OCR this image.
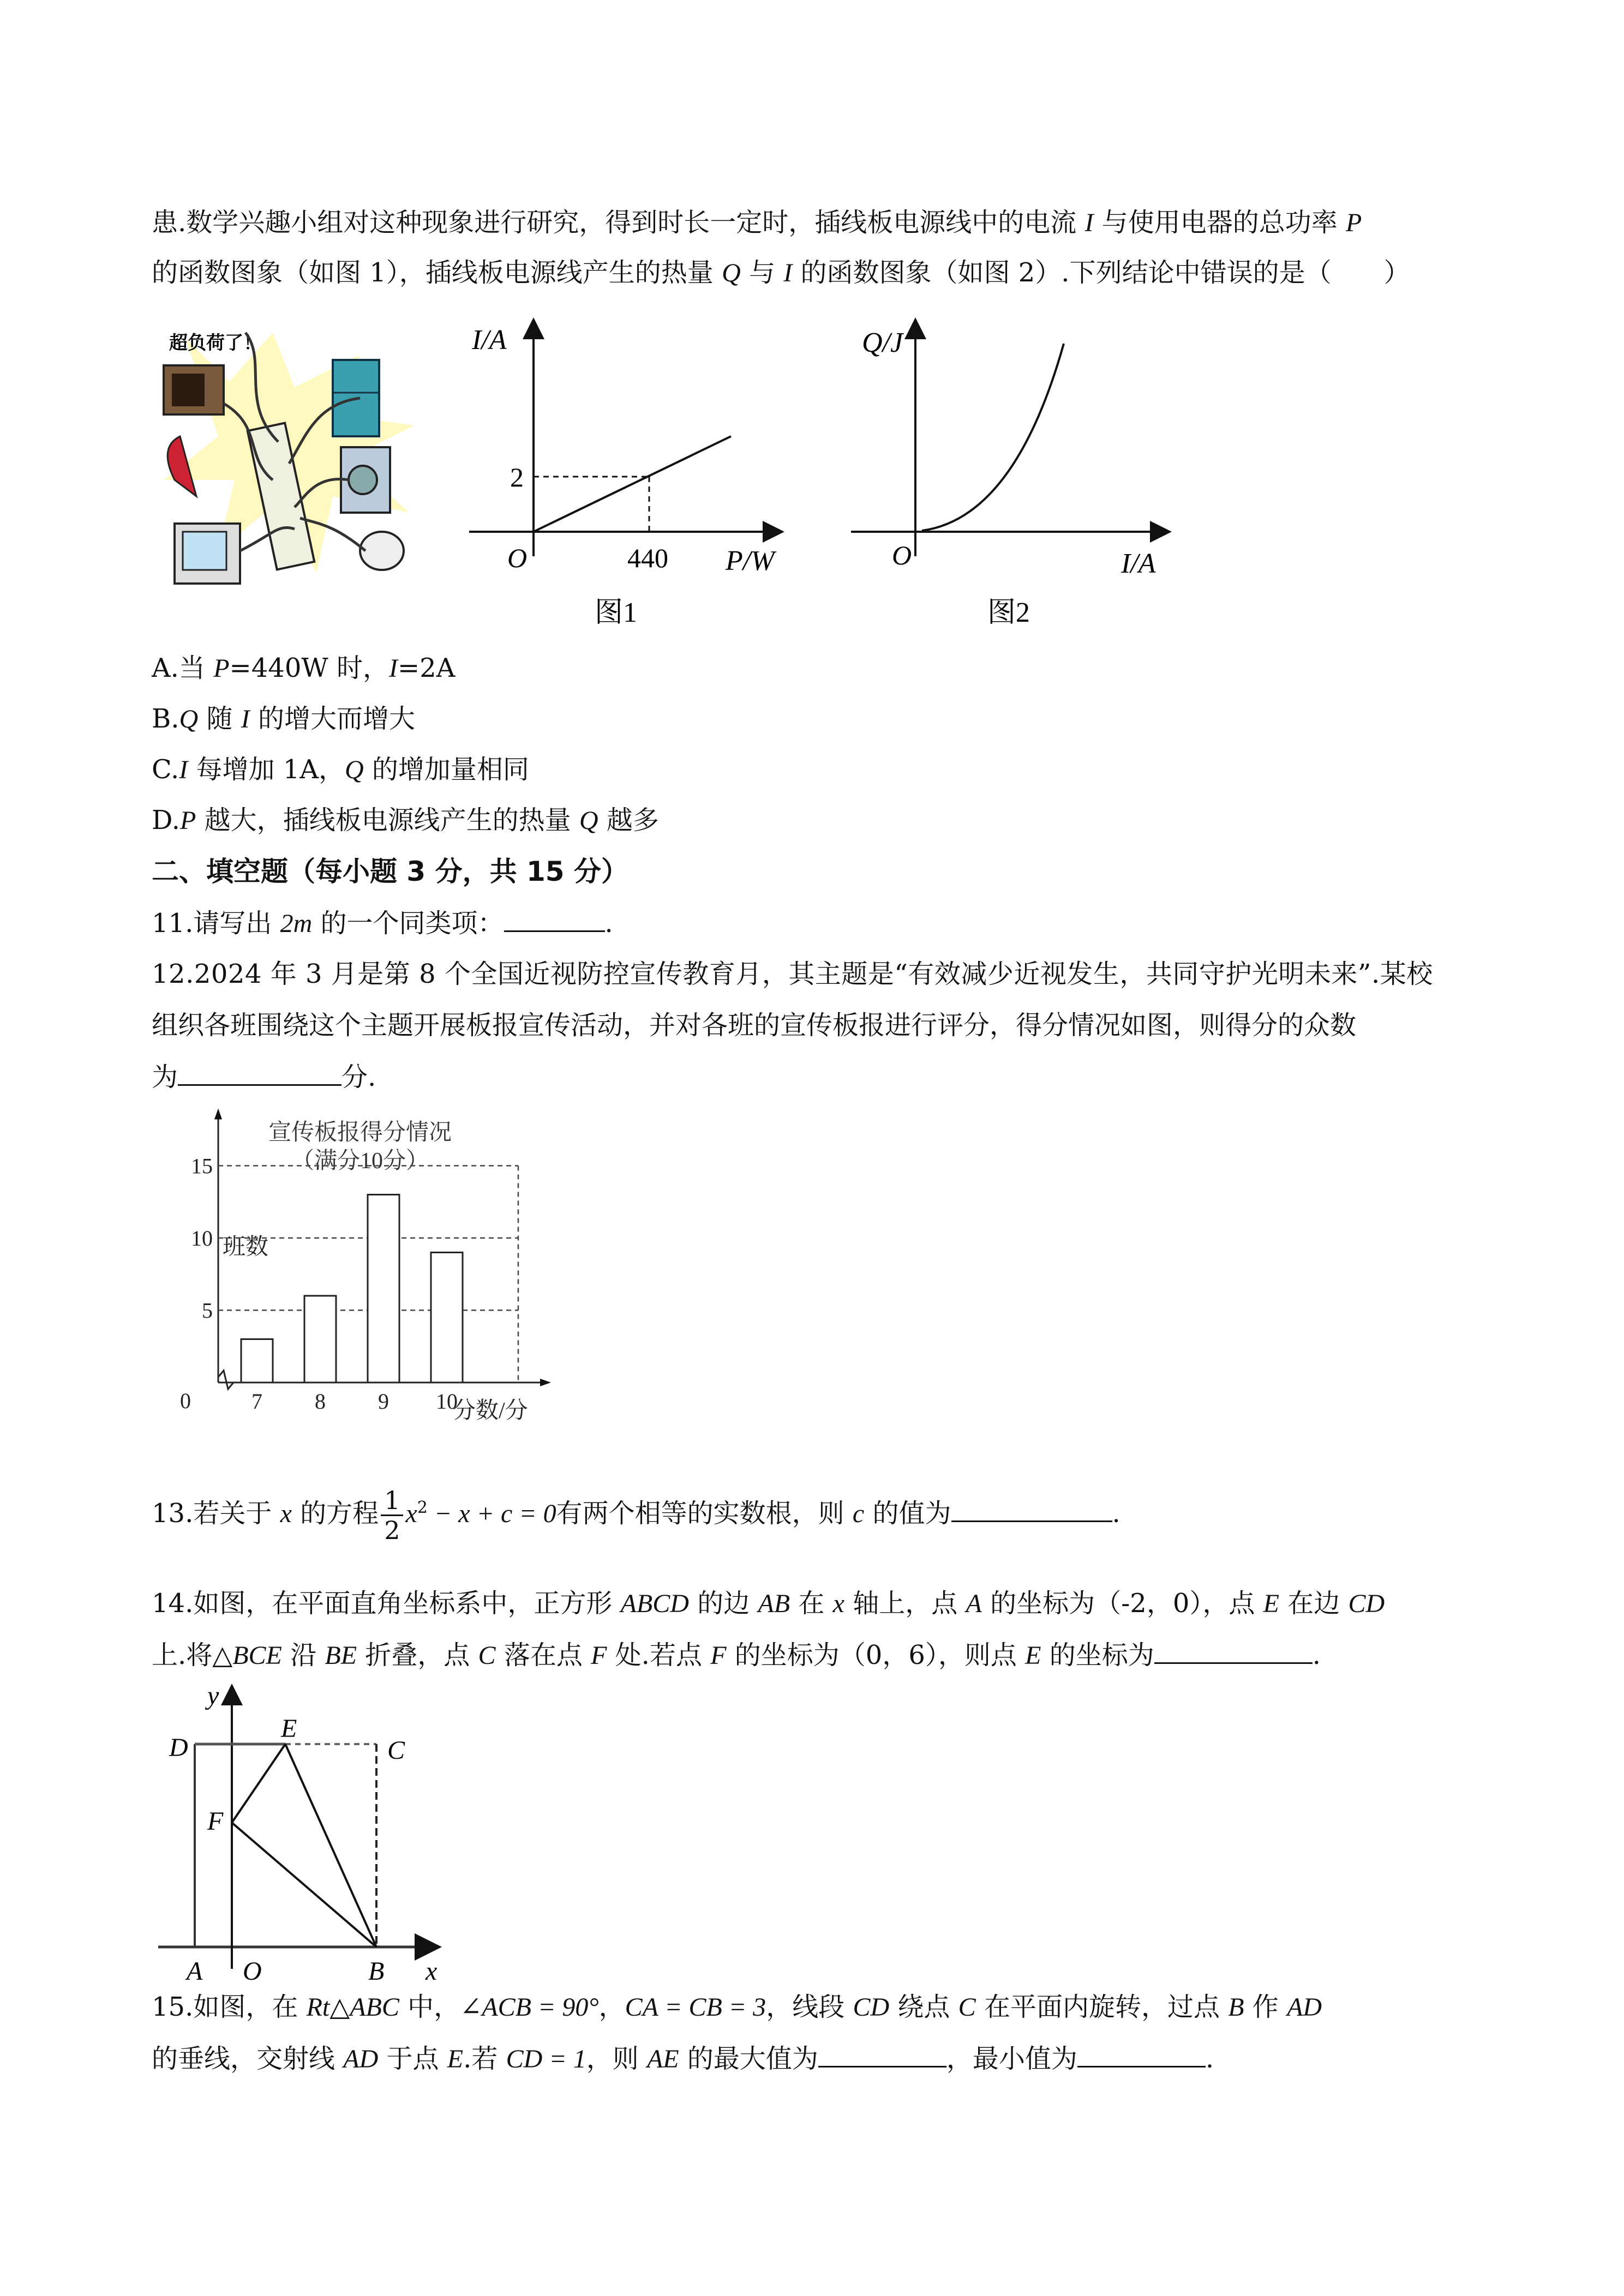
患.数学兴趣小组对这种现象进行研究，得到时长一定时，插线板电源线中的电流 I 与使用电器的总功率 P
的函数图象（如图 1），插线板电源线产生的热量 Q 与 I 的函数图象（如图 2）.下列结论中错误的是（　　）
超负荷了！	I/A
2
O	440 P/W
图1
Q/J
O	I/A
图2
A.当 P=440W 时，I=2A
B.Q 随 I 的增大而增大
C.I 每增加 1A，Q 的增加量相同
D.P 越大，插线板电源线产生的热量 Q 越多
二、填空题（每小题 3 分，共 15 分）
11.请写出 2m 的一个同类项：	.
12.2024 年 3 月是第 8 个全国近视防控宣传教育月，其主题是“有效减少近视发生，共同守护光明未来”.某校
组织各班围绕这个主题开展板报宣传活动，并对各班的宣传板报进行评分，得分情况如图，则得分的众数
为	分.
宣传板报得分情况
（满分10分）
班数
分数/分
0
5
10
15
7 8 9 10
13.若关于 x 的方程 $\frac{1}{2} x^2 - x + c = 0$有两个相等的实数根，则 c 的值为	.
14.如图，在平面直角坐标系中，正方形 ABCD 的边 AB 在 x 轴上，点 A 的坐标为（-2，0），点 E 在边 CD
上.将△BCE 沿 BE 折叠，点 C 落在点 F 处.若点 F 的坐标为（0，6），则点 E 的坐标为	.
y
D
E
C
F
A O	B x
15.如图，在 Rt△ABC 中，∠ACB = 90°，CA = CB = 3，线段 CD 绕点 C 在平面内旋转，过点 B 作 AD
的垂线，交射线 AD 于点 E.若 CD = 1，则 AE 的最大值为	，最小值为	.
